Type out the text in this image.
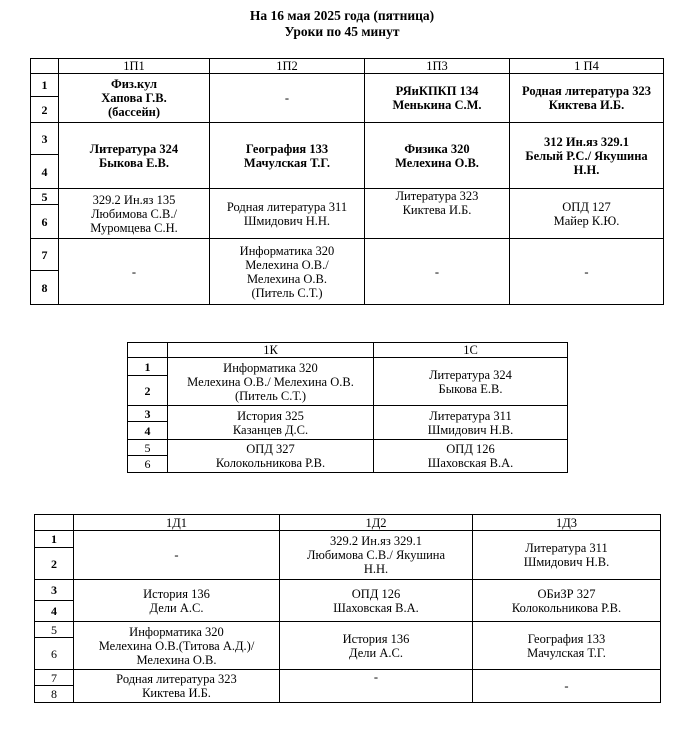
На 16 мая 2025 года (пятница)
Уроки по 45 минут
	1П1	1П2	1П3	1 П4
1	Физ.кул
Хапова Г.В.
(бассейн)	-	РЯиКПКП 134
Менькина С.М.	Родная литература 323
Киктева И.Б.
2				
3	Литература 324
Быкова Е.В.	География 133
Мачулская Т.Г.	Физика 320
Мелехина О.В.	312 Ин.яз 329.1
Белый Р.С./ Якушина
Н.Н.
4				
5	329.2 Ин.яз 135
Любимова С.В./
Муромцева С.Н.	Родная литература 311
Шмидович Н.Н.	Литература 323
Киктева И.Б.	ОПД 127
Майер К.Ю.
6				
7	-	Информатика 320
Мелехина О.В./
Мелехина О.В.
(Питель С.Т.)	-	-
8				
	1К	1С
1	Информатика 320
Мелехина О.В./ Мелехина О.В.
(Питель С.Т.)	Литература 324
Быкова Е.В.
2		
3	История 325
Казанцев Д.С.	Литература 311
Шмидович Н.В.
4		
5	ОПД 327
Колокольникова Р.В.	ОПД 126
Шаховская В.А.
6		
	1Д1	1Д2	1Д3
1	-	329.2 Ин.яз 329.1
Любимова С.В./ Якушина
Н.Н.	Литература 311
Шмидович Н.В.
2			
3	История 136
Дели А.С.	ОПД 126
Шаховская В.А.	ОБиЗР 327
Колокольникова Р.В.
4			
5	Информатика 320
Мелехина О.В.(Титова А.Д.)/
Мелехина О.В.	История 136
Дели А.С.	География 133
Мачулская Т.Г.
6			
7	Родная литература 323
Киктева И.Б.	-	-
8			
